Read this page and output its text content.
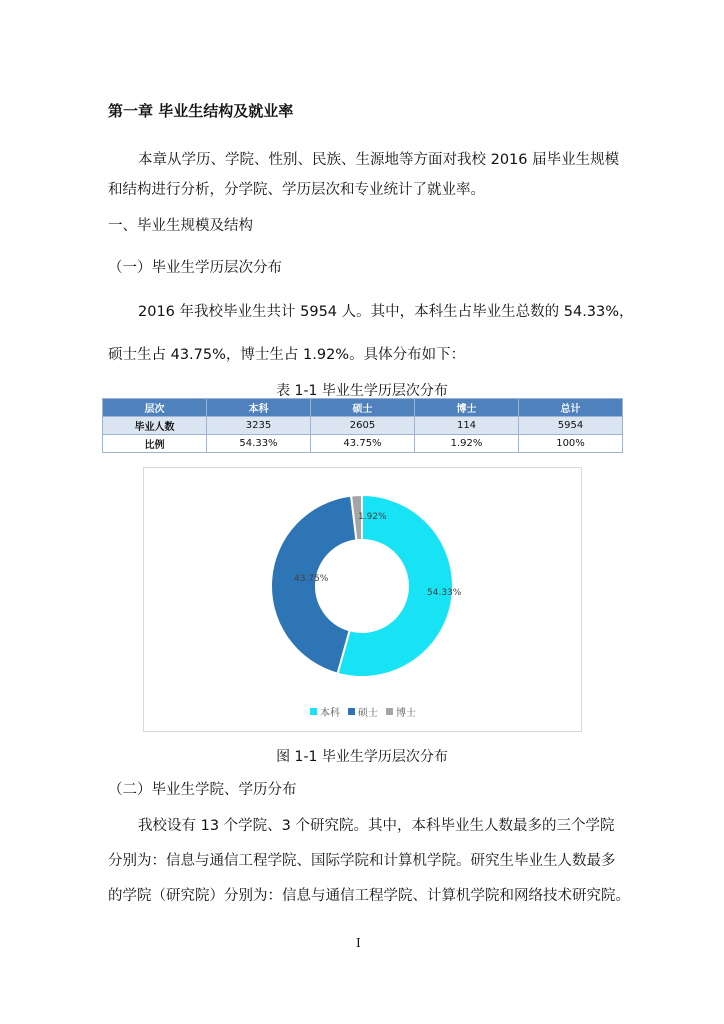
第一章 毕业生结构及就业率
本章从学历、学院、性别、民族、生源地等方面对我校 2016 届毕业生规模
和结构进行分析，分学院、学历层次和专业统计了就业率。
一、毕业生规模及结构
（一）毕业生学历层次分布
2016 年我校毕业生共计 5954 人。其中，本科生占毕业生总数的 54.33%，
硕士生占 43.75%，博士生占 1.92%。具体分布如下：
表 1-1 毕业生学历层次分布
层次	本科	硕士	博士	总计
毕业人数	3235	2605	114	5954
比例	54.33%	43.75%	1.92%	100%
54.33%
43.75%
1.92%
本科 硕士 博士
图 1-1 毕业生学历层次分布
（二）毕业生学院、学历分布
我校设有 13 个学院、3 个研究院。其中，本科毕业生人数最多的三个学院
分别为：信息与通信工程学院、国际学院和计算机学院。研究生毕业生人数最多
的学院（研究院）分别为：信息与通信工程学院、计算机学院和网络技术研究院。
I
